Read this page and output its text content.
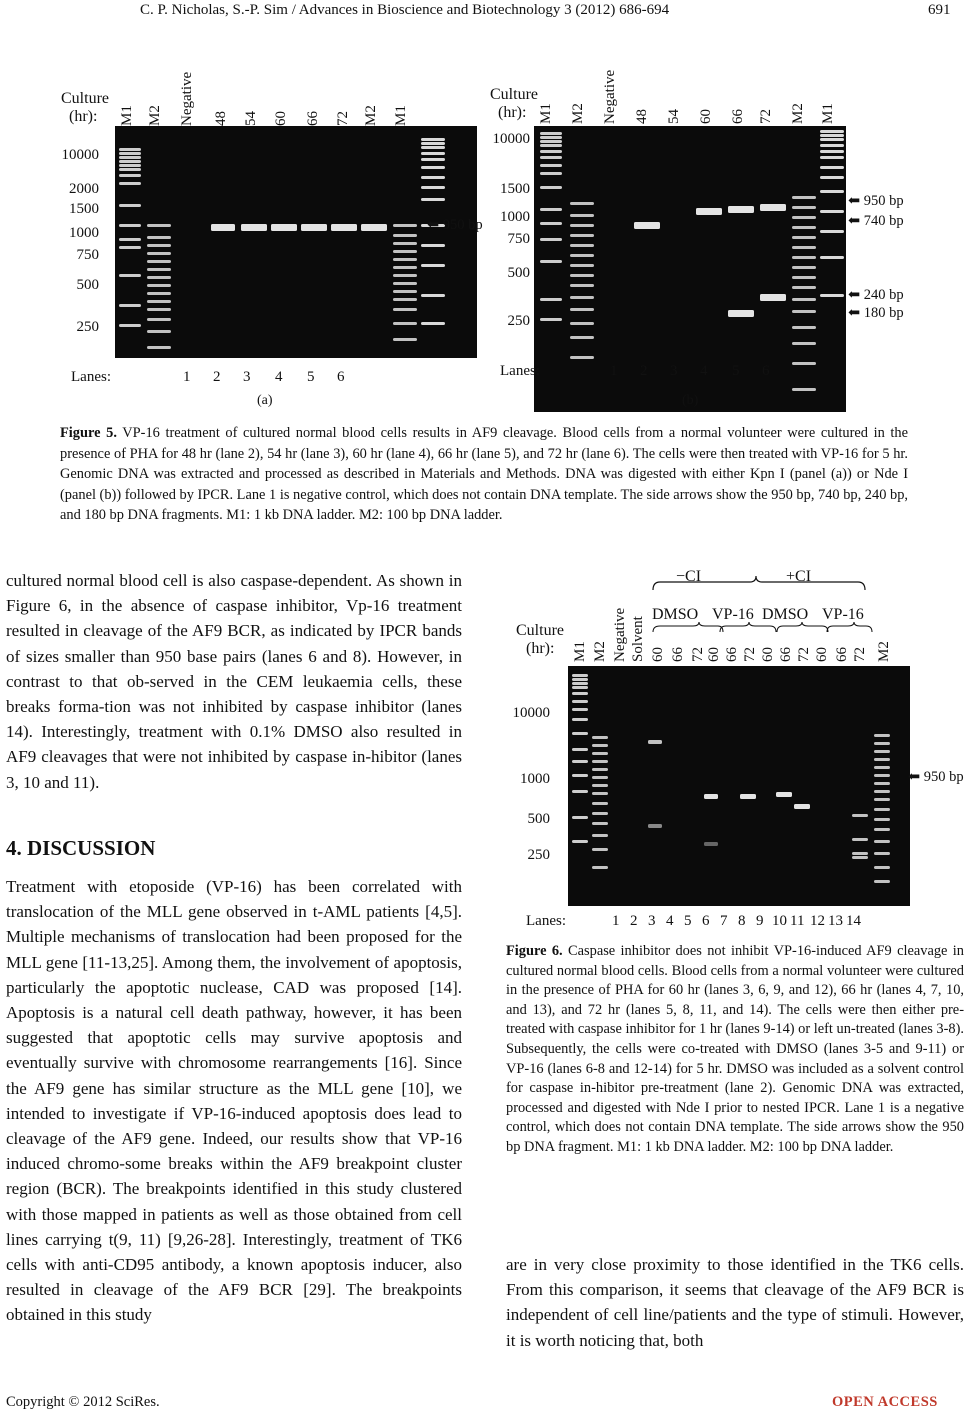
C. P. Nicholas, S.-P. Sim / Advances in Bioscience and Biotechnology 3 (2012) 686-694	691
Culture
(hr): M1 M2 Negative 48 54 60 66 72 M2 M1
10000
2000
1500
1000
750
500
250
⬅ 950 bp
Lanes:	1 2 3 4 5 6
(a)
Culture
(hr): M1 M2 Negative 48 54 60 66 72 M2 M1
10000
1500
1000
750
500
250
⬅ 950 bp
⬅ 740 bp
⬅ 240 bp
⬅ 180 bp
Lanes:	1 2 3 4 5 6
(b)
Figure 5. VP-16 treatment of cultured normal blood cells results in AF9 cleavage. Blood cells from a normal volunteer were cultured in the presence of PHA for 48 hr (lane 2), 54 hr (lane 3), 60 hr (lane 4), 66 hr (lane 5), and 72 hr (lane 6). The cells were then treated with VP-16 for 5 hr. Genomic DNA was extracted and processed as described in Materials and Methods. DNA was digested with either Kpn I (panel (a)) or Nde I (panel (b)) followed by IPCR. Lane 1 is negative control, which does not contain DNA template. The side arrows show the 950 bp, 740 bp, 240 bp, and 180 bp DNA fragments. M1: 1 kb DNA ladder. M2: 100 bp DNA ladder.
cultured normal blood cell is also caspase-dependent. As shown in Figure 6, in the absence of caspase inhibitor, Vp-16 treatment resulted in cleavage of the AF9 BCR, as indicated by IPCR bands of sizes smaller than 950 base pairs (lanes 6 and 8). However, in contrast to that ob-served in the CEM leukaemia cells, these breaks forma-tion was not inhibited by caspase inhibitor (lanes 14). Interestingly, treatment with 0.1% DMSO also resulted in AF9 cleavages that were not inhibited by caspase in-hibitor (lanes 3, 10 and 11).
4. DISCUSSION
Treatment with etoposide (VP-16) has been correlated with translocation of the MLL gene observed in t-AML patients [4,5]. Multiple mechanisms of translocation had been proposed for the MLL gene [11-13,25]. Among them, the involvement of apoptosis, particularly the apoptotic nuclease, CAD was proposed [14]. Apoptosis is a natural cell death pathway, however, it has been suggested that apoptotic cells may survive apoptosis and eventually survive with chromosome rearrangements [16]. Since the AF9 gene has similar structure as the MLL gene [10], we intended to investigate if VP-16-induced apoptosis does lead to cleavage of the AF9 gene. Indeed, our results show that VP-16 induced chromo-some breaks within the AF9 breakpoint cluster region (BCR). The breakpoints identified in this study clustered with those mapped in patients as well as those obtained from cell lines carrying t(9, 11) [9,26-28]. Interestingly, treatment of TK6 cells with anti-CD95 antibody, a known apoptosis inducer, also resulted in cleavage of the AF9 BCR [29]. The breakpoints obtained in this study
−CI	+CI
DMSO VP-16 DMSO VP-16
Culture
(hr): M1 M2 Negative Solvent 60 66 72 60 66 72 60 66 72 60 66 72 M2
10000
1000
500
250
⬅ 950 bp
Lanes:	1 2 3 4 5 6 7 8 9 10 11 12 13 14
Figure 6. Caspase inhibitor does not inhibit VP-16-induced AF9 cleavage in cultured normal blood cells. Blood cells from a normal volunteer were cultured in the presence of PHA for 60 hr (lanes 3, 6, 9, and 12), 66 hr (lanes 4, 7, 10, and 13), and 72 hr (lanes 5, 8, 11, and 14). The cells were then either pre-treated with caspase inhibitor for 1 hr (lanes 9-14) or left un-treated (lanes 3-8). Subsequently, the cells were co-treated with DMSO (lanes 3-5 and 9-11) or VP-16 (lanes 6-8 and 12-14) for 5 hr. DMSO was included as a solvent control for caspase in-hibitor pre-treatment (lane 2). Genomic DNA was extracted, processed and digested with Nde I prior to nested IPCR. Lane 1 is a negative control, which does not contain DNA template. The side arrows show the 950 bp DNA fragment. M1: 1 kb DNA ladder. M2: 100 bp DNA ladder.
are in very close proximity to those identified in the TK6 cells. From this comparison, it seems that cleavage of the AF9 BCR is independent of cell line/patients and the type of stimuli. However, it is worth noticing that, both
Copyright © 2012 SciRes.	OPEN ACCESS
